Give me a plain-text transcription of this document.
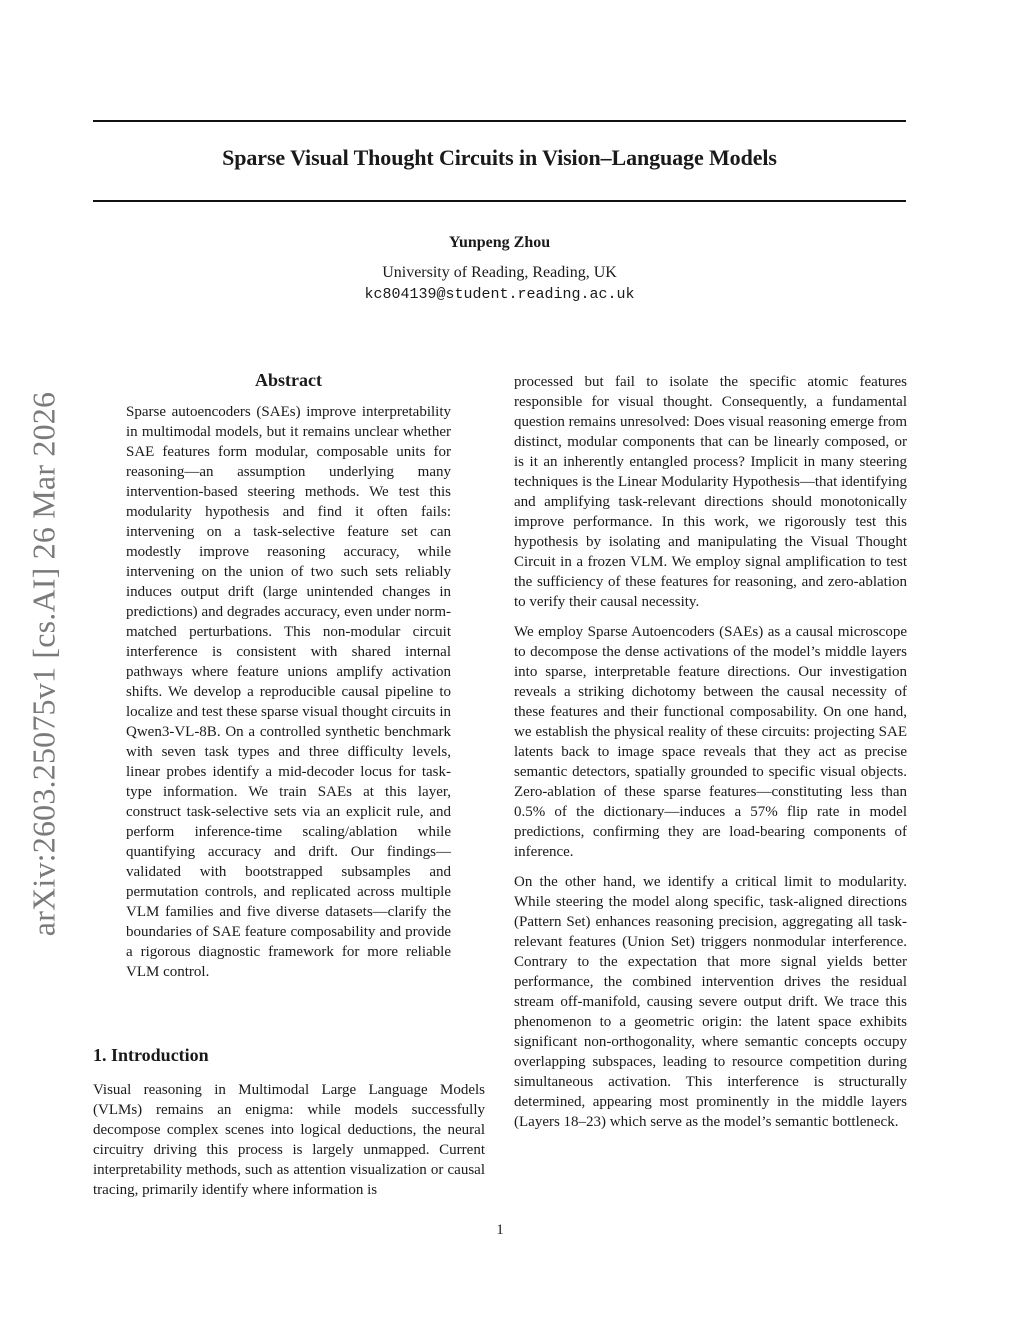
Sparse Visual Thought Circuits in Vision–Language Models
Yunpeng Zhou
University of Reading, Reading, UK
kc804139@student.reading.ac.uk
arXiv:2603.25075v1 [cs.AI] 26 Mar 2026
Abstract

Sparse autoencoders (SAEs) improve interpretability in multimodal models, but it remains unclear whether SAE features form modular, composable units for reasoning—an assumption underlying many intervention-based steering methods. We test this modularity hypothesis and find it often fails: intervening on a task-selective feature set can modestly improve reasoning accuracy, while intervening on the union of two such sets reliably induces output drift (large unintended changes in predictions) and degrades accuracy, even under norm-matched perturbations. This non-modular circuit interference is consistent with shared internal pathways where feature unions amplify activation shifts. We develop a reproducible causal pipeline to localize and test these sparse visual thought circuits in Qwen3-VL-8B. On a controlled synthetic benchmark with seven task types and three difficulty levels, linear probes identify a mid-decoder locus for task-type information. We train SAEs at this layer, construct task-selective sets via an explicit rule, and perform inference-time scaling/ablation while quantifying accuracy and drift. Our findings—validated with bootstrapped subsamples and permutation controls, and replicated across multiple VLM families and five diverse datasets—clarify the boundaries of SAE feature composability and provide a rigorous diagnostic framework for more reliable VLM control.

1. Introduction

Visual reasoning in Multimodal Large Language Models (VLMs) remains an enigma: while models successfully decompose complex scenes into logical deductions, the neural circuitry driving this process is largely unmapped. Current interpretability methods, such as attention visualization or causal tracing, primarily identify where information is

processed but fail to isolate the specific atomic features responsible for visual thought. Consequently, a fundamental question remains unresolved: Does visual reasoning emerge from distinct, modular components that can be linearly composed, or is it an inherently entangled process? Implicit in many steering techniques is the Linear Modularity Hypothesis—that identifying and amplifying task-relevant directions should monotonically improve performance. In this work, we rigorously test this hypothesis by isolating and manipulating the Visual Thought Circuit in a frozen VLM. We employ signal amplification to test the sufficiency of these features for reasoning, and zero-ablation to verify their causal necessity.

We employ Sparse Autoencoders (SAEs) as a causal microscope to decompose the dense activations of the model’s middle layers into sparse, interpretable feature directions. Our investigation reveals a striking dichotomy between the causal necessity of these features and their functional composability. On one hand, we establish the physical reality of these circuits: projecting SAE latents back to image space reveals that they act as precise semantic detectors, spatially grounded to specific visual objects. Zero-ablation of these sparse features—constituting less than 0.5% of the dictionary—induces a 57% flip rate in model predictions, confirming they are load-bearing components of inference.

On the other hand, we identify a critical limit to modularity. While steering the model along specific, task-aligned directions (Pattern Set) enhances reasoning precision, aggregating all task-relevant features (Union Set) triggers nonmodular interference. Contrary to the expectation that more signal yields better performance, the combined intervention drives the residual stream off-manifold, causing severe output drift. We trace this phenomenon to a geometric origin: the latent space exhibits significant non-orthogonality, where semantic concepts occupy overlapping subspaces, leading to resource competition during simultaneous activation. This interference is structurally determined, appearing most prominently in the middle layers (Layers 18–23) which serve as the model’s semantic bottleneck.

1
